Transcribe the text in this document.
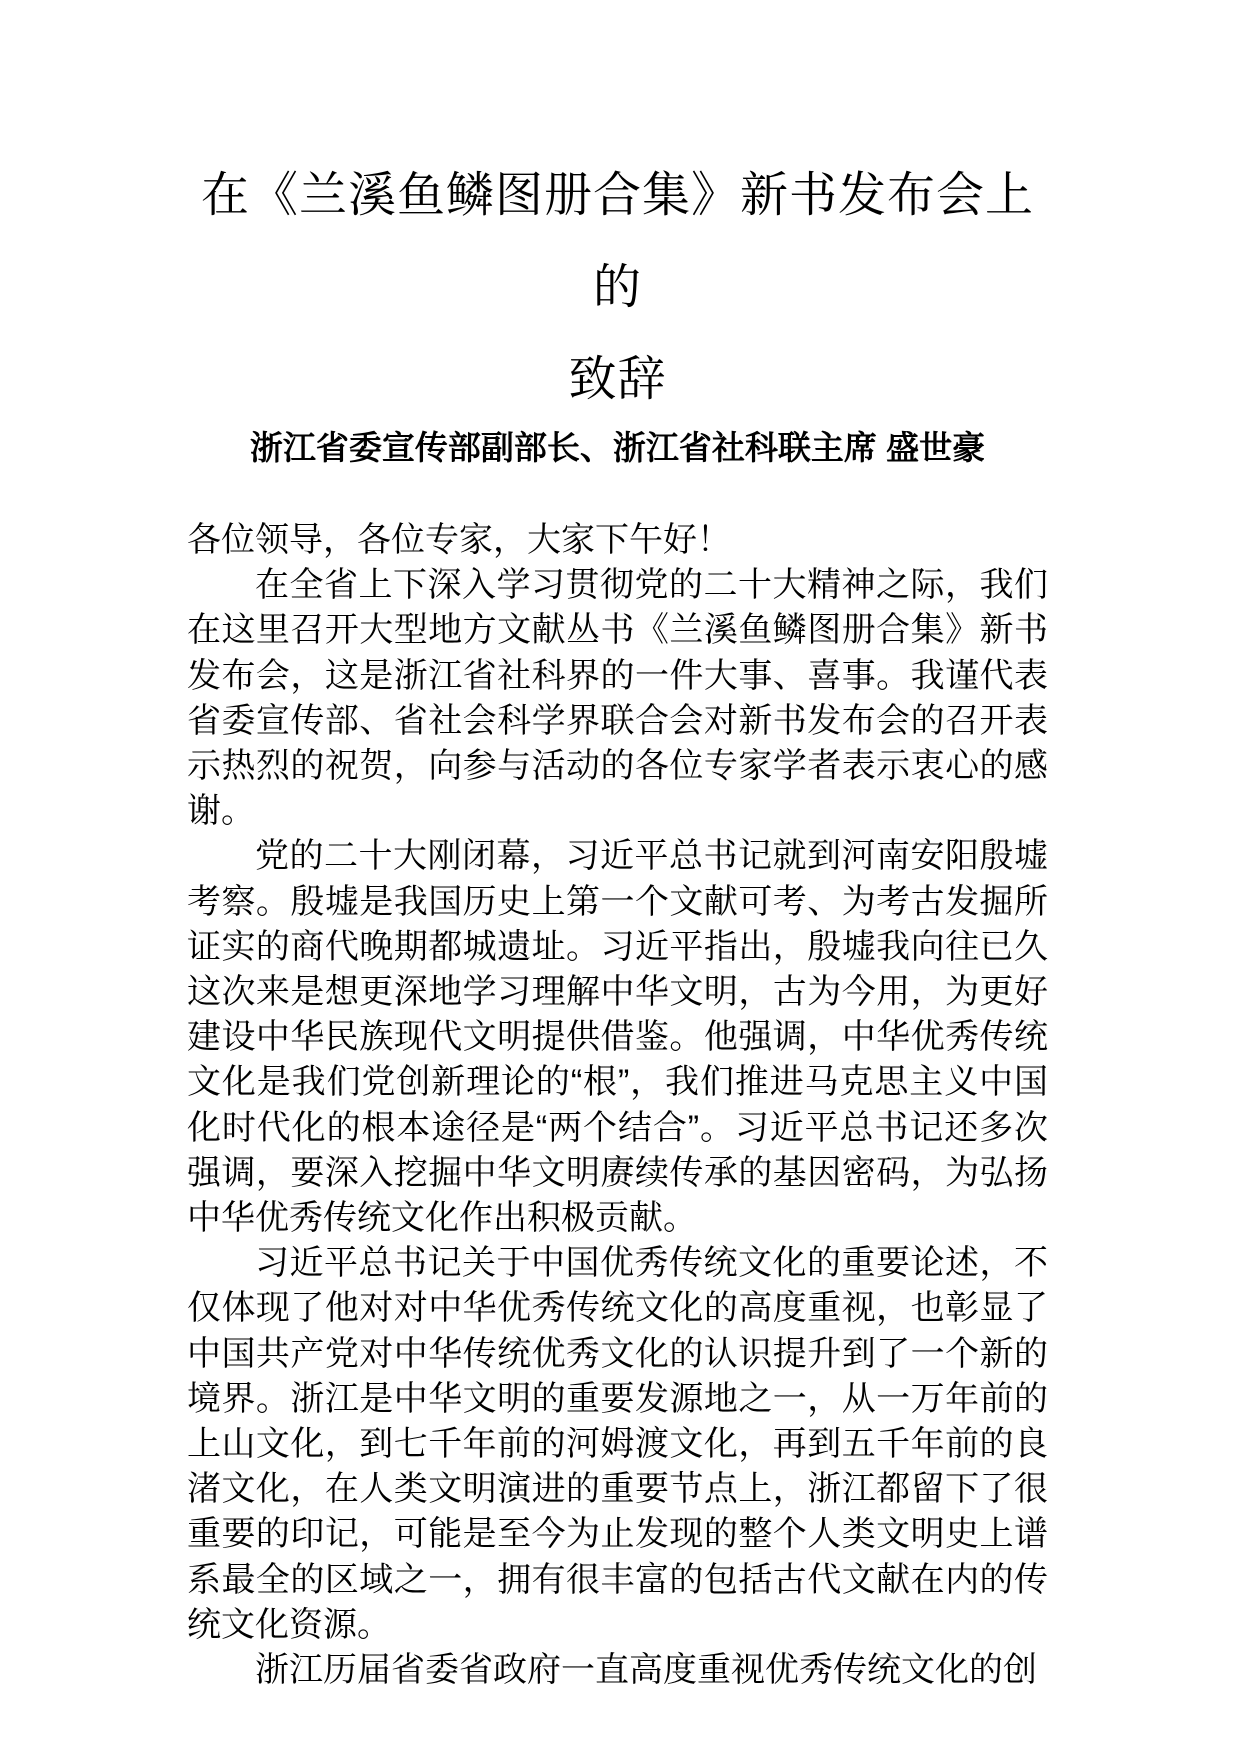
在《兰溪鱼鳞图册合集》新书发布会上的
致辞
浙江省委宣传部副部长、浙江省社科联主席 盛世豪

各位领导，各位专家，大家下午好！

在全省上下深入学习贯彻党的二十大精神之际，我们在这里召开大型地方文献丛书《兰溪鱼鳞图册合集》新书发布会，这是浙江省社科界的一件大事、喜事。我谨代表省委宣传部、省社会科学界联合会对新书发布会的召开表示热烈的祝贺，向参与活动的各位专家学者表示衷心的感谢。

党的二十大刚闭幕，习近平总书记就到河南安阳殷墟考察。殷墟是我国历史上第一个文献可考、为考古发掘所证实的商代晚期都城遗址。习近平指出，殷墟我向往已久这次来是想更深地学习理解中华文明，古为今用，为更好建设中华民族现代文明提供借鉴。他强调，中华优秀传统文化是我们党创新理论的“根”，我们推进马克思主义中国化时代化的根本途径是“两个结合”。习近平总书记还多次强调，要深入挖掘中华文明赓续传承的基因密码，为弘扬中华优秀传统文化作出积极贡献。

习近平总书记关于中国优秀传统文化的重要论述，不仅体现了他对对中华优秀传统文化的高度重视，也彰显了中国共产党对中华传统优秀文化的认识提升到了一个新的境界。浙江是中华文明的重要发源地之一，从一万年前的上山文化，到七千年前的河姆渡文化，再到五千年前的良渚文化，在人类文明演进的重要节点上，浙江都留下了很重要的印记，可能是至今为止发现的整个人类文明史上谱系最全的区域之一，拥有很丰富的包括古代文献在内的传统文化资源。

浙江历届省委省政府一直高度重视优秀传统文化的创
